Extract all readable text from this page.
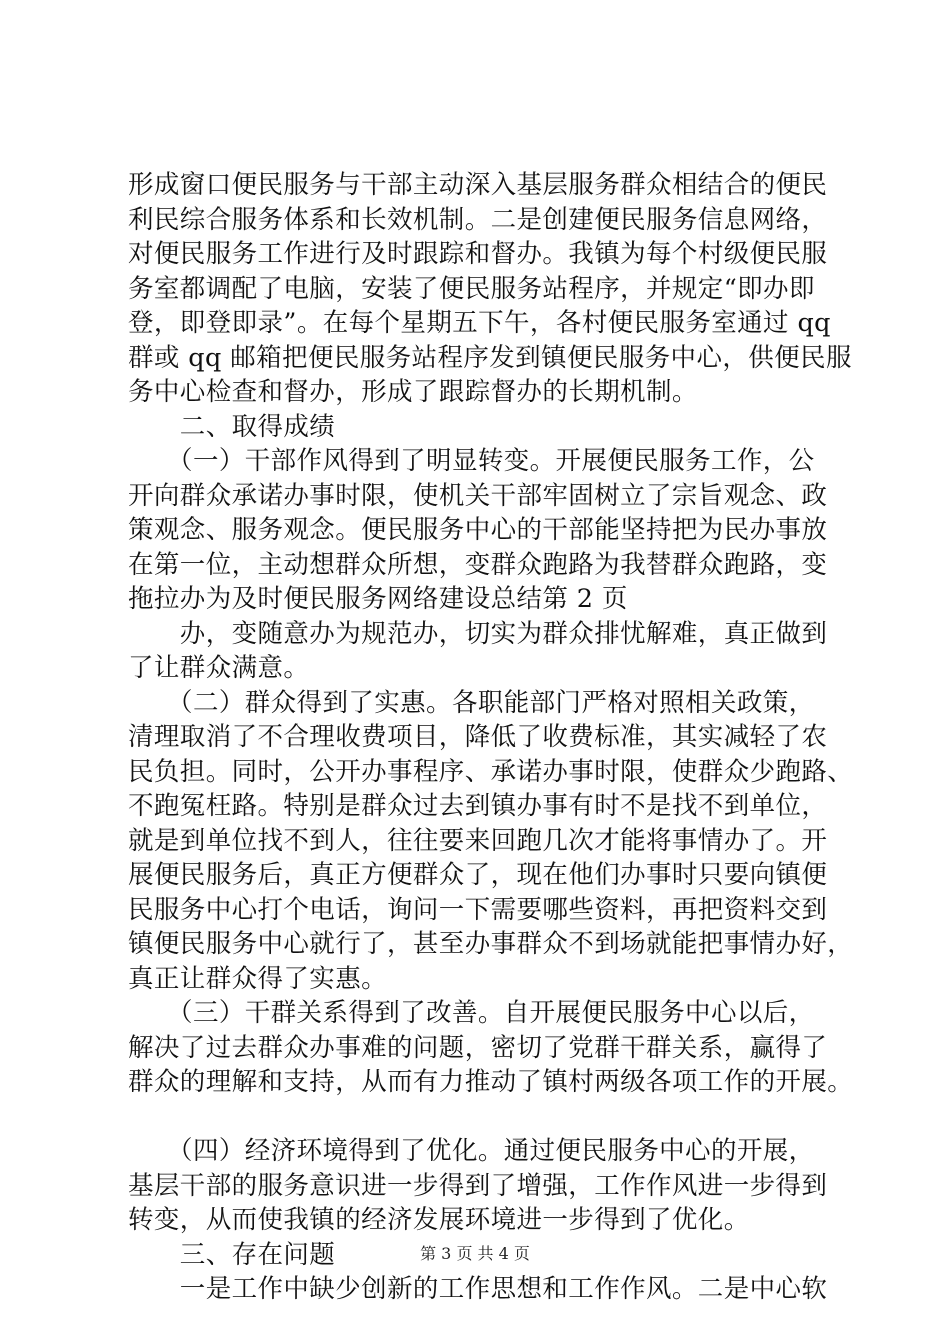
形成窗口便民服务与干部主动深入基层服务群众相结合的便民
利民综合服务体系和长效机制。二是创建便民服务信息网络，
对便民服务工作进行及时跟踪和督办。我镇为每个村级便民服
务室都调配了电脑，安装了便民服务站程序，并规定“即办即
登，即登即录”。在每个星期五下午，各村便民服务室通过 qq
群或 qq 邮箱把便民服务站程序发到镇便民服务中心，供便民服
务中心检查和督办，形成了跟踪督办的长期机制。
　　二、取得成绩
　　（一）干部作风得到了明显转变。开展便民服务工作，公
开向群众承诺办事时限，使机关干部牢固树立了宗旨观念、政
策观念、服务观念。便民服务中心的干部能坚持把为民办事放
在第一位，主动想群众所想，变群众跑路为我替群众跑路，变
拖拉办为及时便民服务网络建设总结第 2 页
　　办，变随意办为规范办，切实为群众排忧解难，真正做到
了让群众满意。
　　（二）群众得到了实惠。各职能部门严格对照相关政策，
清理取消了不合理收费项目，降低了收费标准，其实减轻了农
民负担。同时，公开办事程序、承诺办事时限，使群众少跑路、
不跑冤枉路。特别是群众过去到镇办事有时不是找不到单位，
就是到单位找不到人，往往要来回跑几次才能将事情办了。开
展便民服务后，真正方便群众了，现在他们办事时只要向镇便
民服务中心打个电话，询问一下需要哪些资料，再把资料交到
镇便民服务中心就行了，甚至办事群众不到场就能把事情办好，
真正让群众得了实惠。
　　（三）干群关系得到了改善。自开展便民服务中心以后，
解决了过去群众办事难的问题，密切了党群干群关系，赢得了
群众的理解和支持，从而有力推动了镇村两级各项工作的开展。
　　（四）经济环境得到了优化。通过便民服务中心的开展，
基层干部的服务意识进一步得到了增强，工作作风进一步得到
转变，从而使我镇的经济发展环境进一步得到了优化。
　　三、存在问题
　　一是工作中缺少创新的工作思想和工作作风。二是中心软
第 3 页 共 4 页
